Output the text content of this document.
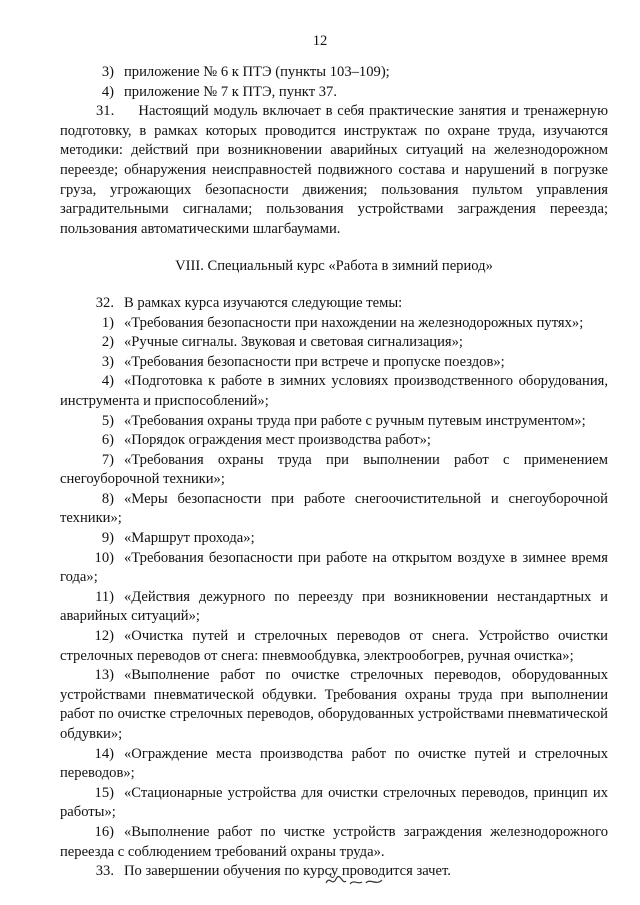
12

3) приложение № 6 к ПТЭ (пункты 103–109);

4) приложение № 7 к ПТЭ, пункт 37.

31. Настоящий модуль включает в себя практические занятия и тренажерную подготовку, в рамках которых проводится инструктаж по охране труда, изучаются методики: действий при возникновении аварийных ситуаций на железнодорожном переезде; обнаружения неисправностей подвижного состава и нарушений в погрузке груза, угрожающих безопасности движения; пользования пультом управления заградительными сигналами; пользования устройствами заграждения переезда; пользования автоматическими шлагбаумами.

VIII. Специальный курс «Работа в зимний период»

32. В рамках курса изучаются следующие темы:

1) «Требования безопасности при нахождении на железнодорожных путях»;

2) «Ручные сигналы. Звуковая и световая сигнализация»;

3) «Требования безопасности при встрече и пропуске поездов»;

4) «Подготовка к работе в зимних условиях производственного оборудования, инструмента и приспособлений»;

5) «Требования охраны труда при работе с ручным путевым инструментом»;

6) «Порядок ограждения мест производства работ»;

7) «Требования охраны труда при выполнении работ с применением снегоуборочной техники»;

8) «Меры безопасности при работе снегоочистительной и снегоуборочной техники»;

9) «Маршрут прохода»;

10) «Требования безопасности при работе на открытом воздухе в зимнее время года»;

11) «Действия дежурного по переезду при возникновении нестандартных и аварийных ситуаций»;

12) «Очистка путей и стрелочных переводов от снега. Устройство очистки стрелочных переводов от снега: пневмообдувка, электрообогрев, ручная очистка»;

13) «Выполнение работ по очистке стрелочных переводов, оборудованных устройствами пневматической обдувки. Требования охраны труда при выполнении работ по очистке стрелочных переводов, оборудованных устройствами пневматической обдувки»;

14) «Ограждение места производства работ по очистке путей и стрелочных переводов»;

15) «Стационарные устройства для очистки стрелочных переводов, принцип их работы»;

16) «Выполнение работ по чистке устройств заграждения железнодорожного переезда с соблюдением требований охраны труда».

33. По завершении обучения по курсу проводится зачет.
